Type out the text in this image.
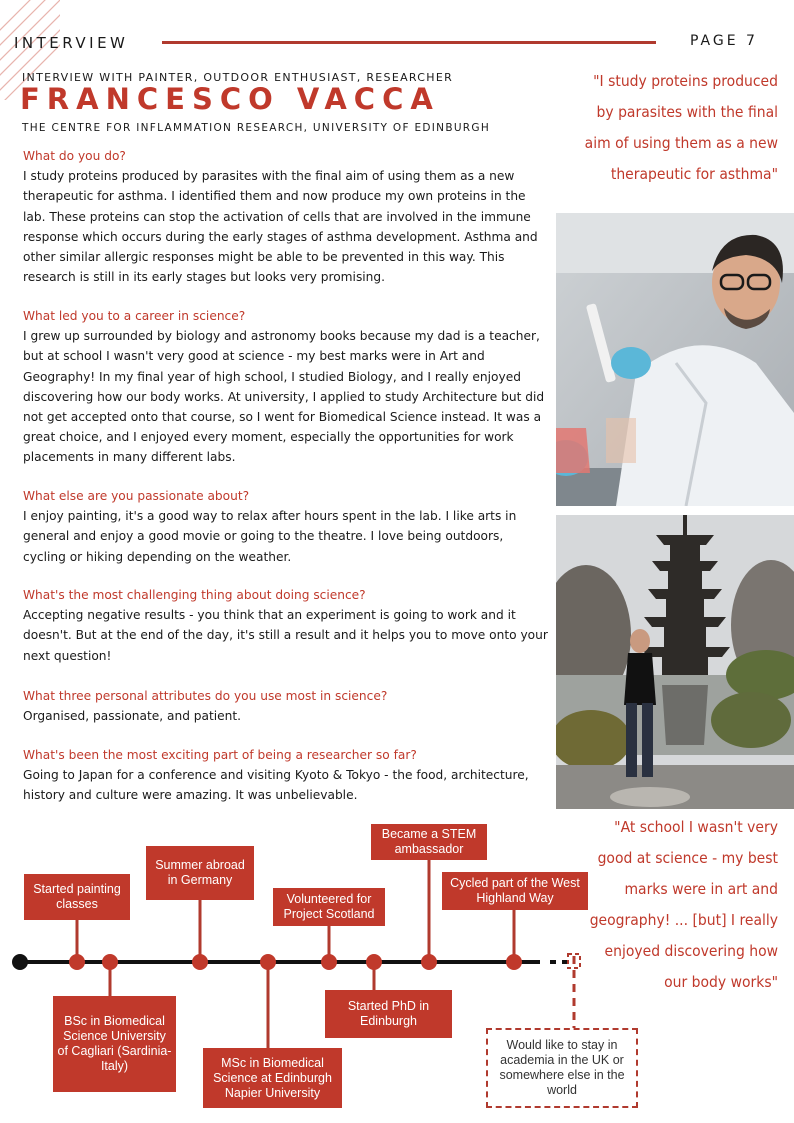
INTERVIEW	PAGE 7
INTERVIEW WITH PAINTER, OUTDOOR ENTHUSIAST, RESEARCHER
FRANCESCO VACCA
THE CENTRE FOR INFLAMMATION RESEARCH, UNIVERSITY OF EDINBURGH
What do you do?
I study proteins produced by parasites with the final aim of using them as a new therapeutic for asthma. I identified them and now produce my own proteins in the lab. These proteins can stop the activation of cells that are involved in the immune response which occurs during the early stages of asthma development. Asthma and other similar allergic responses might be able to be prevented in this way. This research is still in its early stages but looks very promising.
What led you to a career in science?
I grew up surrounded by biology and astronomy books because my dad is a teacher, but at school I wasn't very good at science - my best marks were in Art and Geography! In my final year of high school, I studied Biology, and I really enjoyed discovering how our body works. At university, I applied to study Architecture but did not get accepted onto that course, so I went for Biomedical Science instead. It was a great choice, and I enjoyed every moment, especially the opportunities for work placements in many different labs.
What else are you passionate about?
I enjoy painting, it's a good way to relax after hours spent in the lab. I like arts in general and enjoy a good movie or going to the theatre. I love being outdoors, cycling or hiking depending on the weather.
What's the most challenging thing about doing science?
Accepting negative results - you think that an experiment is going to work and it doesn't. But at the end of the day, it's still a result and it helps you to move onto your next question!
What three personal attributes do you use most in science?
Organised, passionate, and patient.
What's been the most exciting part of being a researcher so far?
Going to Japan for a conference and visiting Kyoto & Tokyo - the food, architecture, history and culture were amazing. It was unbelievable.
"I study proteins produced by parasites with the final aim of using them as a new therapeutic for asthma"
"At school I wasn't very good at science - my best marks were in art and geography! ... [but] I really enjoyed discovering how our body works"
Started painting classes
Summer abroad in Germany
Volunteered for Project Scotland
Became a STEM ambassador
Cycled part of the West Highland Way
BSc in Biomedical Science University of Cagliari (Sardinia-Italy)	MSc in Biomedical Science at Edinburgh Napier University
Started PhD in Edinburgh
Would like to stay in academia in the UK or somewhere else in the world
